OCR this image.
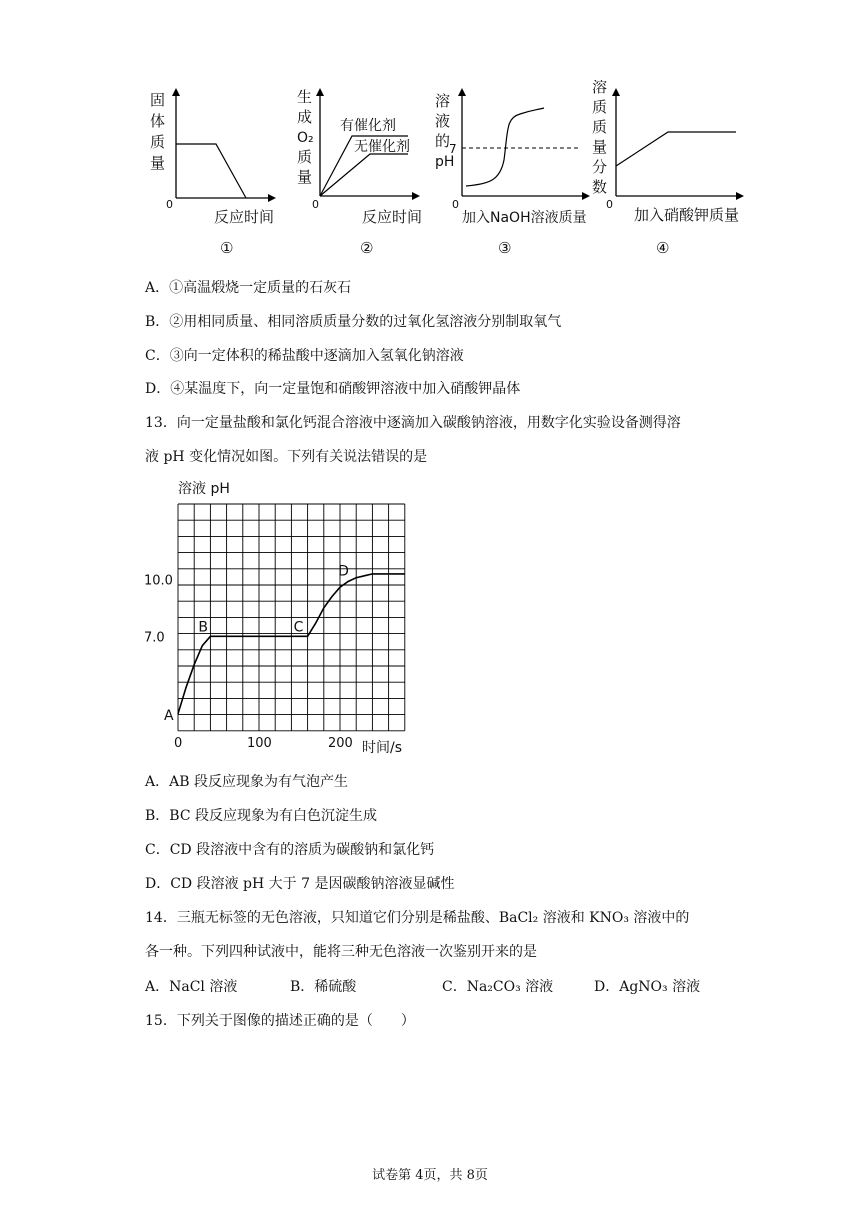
固
体
质
量
0
反应时间
①
生
成
O₂
质
量
有催化剂
无催化剂
0
反应时间
②
溶
液
的
pH
7
0
加入NaOH溶液质量
③
溶
质
质
量
分
数
0
加入硝酸钾质量
④
A．①高温煅烧一定质量的石灰石
B．②用相同质量、相同溶质质量分数的过氧化氢溶液分别制取氧气
C．③向一定体积的稀盐酸中逐滴加入氢氧化钠溶液
D．④某温度下，向一定量饱和硝酸钾溶液中加入硝酸钾晶体
13．向一定量盐酸和氯化钙混合溶液中逐滴加入碳酸钠溶液，用数字化实验设备测得溶
液 pH 变化情况如图。下列有关说法错误的是
溶液 pH
0	100	200
7.0
10.0
A
B	C
D
时间/s
A．AB 段反应现象为有气泡产生
B．BC 段反应现象为有白色沉淀生成
C．CD 段溶液中含有的溶质为碳酸钠和氯化钙
D．CD 段溶液 pH 大于 7 是因碳酸钠溶液显碱性
14．三瓶无标签的无色溶液，只知道它们分别是稀盐酸、BaCl₂ 溶液和 KNO₃ 溶液中的
各一种。下列四种试液中，能将三种无色溶液一次鉴别开来的是
A．NaCl 溶液	B．稀硫酸	C．Na₂CO₃ 溶液	D．AgNO₃ 溶液
15．下列关于图像的描述正确的是（　　）
试卷第 4页，共 8页
